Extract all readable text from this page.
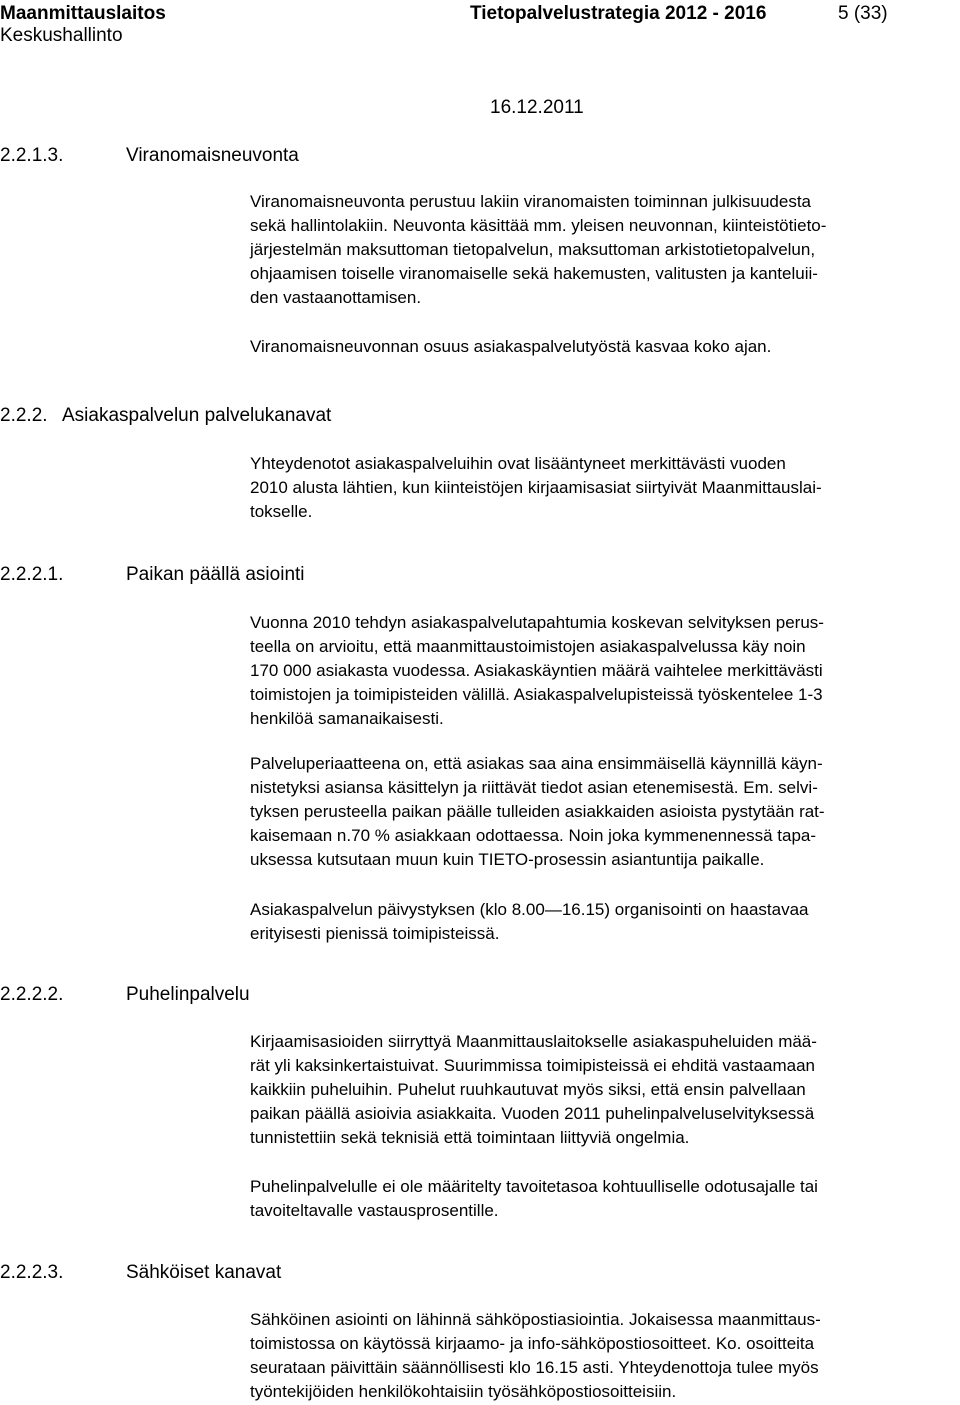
Maanmittauslaitos
Keskushallinto
Tietopalvelustrategia 2012 - 2016	5 (33)
16.12.2011
2.2.1.3.	Viranomaisneuvonta
Viranomaisneuvonta perustuu lakiin viranomaisten toiminnan julkisuudesta
sekä hallintolakiin. Neuvonta käsittää mm. yleisen neuvonnan, kiinteistötieto-
järjestelmän maksuttoman tietopalvelun, maksuttoman arkistotietopalvelun,
ohjaamisen toiselle viranomaiselle sekä hakemusten, valitusten ja kanteluii-
den vastaanottamisen.
Viranomaisneuvonnan osuus asiakaspalvelutyöstä kasvaa koko ajan.
2.2.2. Asiakaspalvelun palvelukanavat
Yhteydenotot asiakaspalveluihin ovat lisääntyneet merkittävästi vuoden
2010 alusta lähtien, kun kiinteistöjen kirjaamisasiat siirtyivät Maanmittauslai-
tokselle.
2.2.2.1.	Paikan päällä asiointi
Vuonna 2010 tehdyn asiakaspalvelutapahtumia koskevan selvityksen perus-
teella on arvioitu, että maanmittaustoimistojen asiakaspalvelussa käy noin
170 000 asiakasta vuodessa. Asiakaskäyntien määrä vaihtelee merkittävästi
toimistojen ja toimipisteiden välillä. Asiakaspalvelupisteissä työskentelee 1-3
henkilöä samanaikaisesti.
Palveluperiaatteena on, että asiakas saa aina ensimmäisellä käynnillä käyn-
nistetyksi asiansa käsittelyn ja riittävät tiedot asian etenemisestä. Em. selvi-
tyksen perusteella paikan päälle tulleiden asiakkaiden asioista pystytään rat-
kaisemaan n.70 % asiakkaan odottaessa. Noin joka kymmenennessä tapa-
uksessa kutsutaan muun kuin TIETO-prosessin asiantuntija paikalle.
Asiakaspalvelun päivystyksen (klo 8.00—16.15) organisointi on haastavaa
erityisesti pienissä toimipisteissä.
2.2.2.2.	Puhelinpalvelu
Kirjaamisasioiden siirryttyä Maanmittauslaitokselle asiakaspuheluiden mää-
rät yli kaksinkertaistuivat. Suurimmissa toimipisteissä ei ehditä vastaamaan
kaikkiin puheluihin. Puhelut ruuhkautuvat myös siksi, että ensin palvellaan
paikan päällä asioivia asiakkaita. Vuoden 2011 puhelinpalveluselvityksessä
tunnistettiin sekä teknisiä että toimintaan liittyviä ongelmia.
Puhelinpalvelulle ei ole määritelty tavoitetasoa kohtuulliselle odotusajalle tai
tavoiteltavalle vastausprosentille.
2.2.2.3.	Sähköiset kanavat
Sähköinen asiointi on lähinnä sähköpostiasiointia. Jokaisessa maanmittaus-
toimistossa on käytössä kirjaamo- ja info-sähköpostiosoitteet. Ko. osoitteita
seurataan päivittäin säännöllisesti klo 16.15 asti. Yhteydenottoja tulee myös
työntekijöiden henkilökohtaisiin työsähköpostiosoitteisiin.
